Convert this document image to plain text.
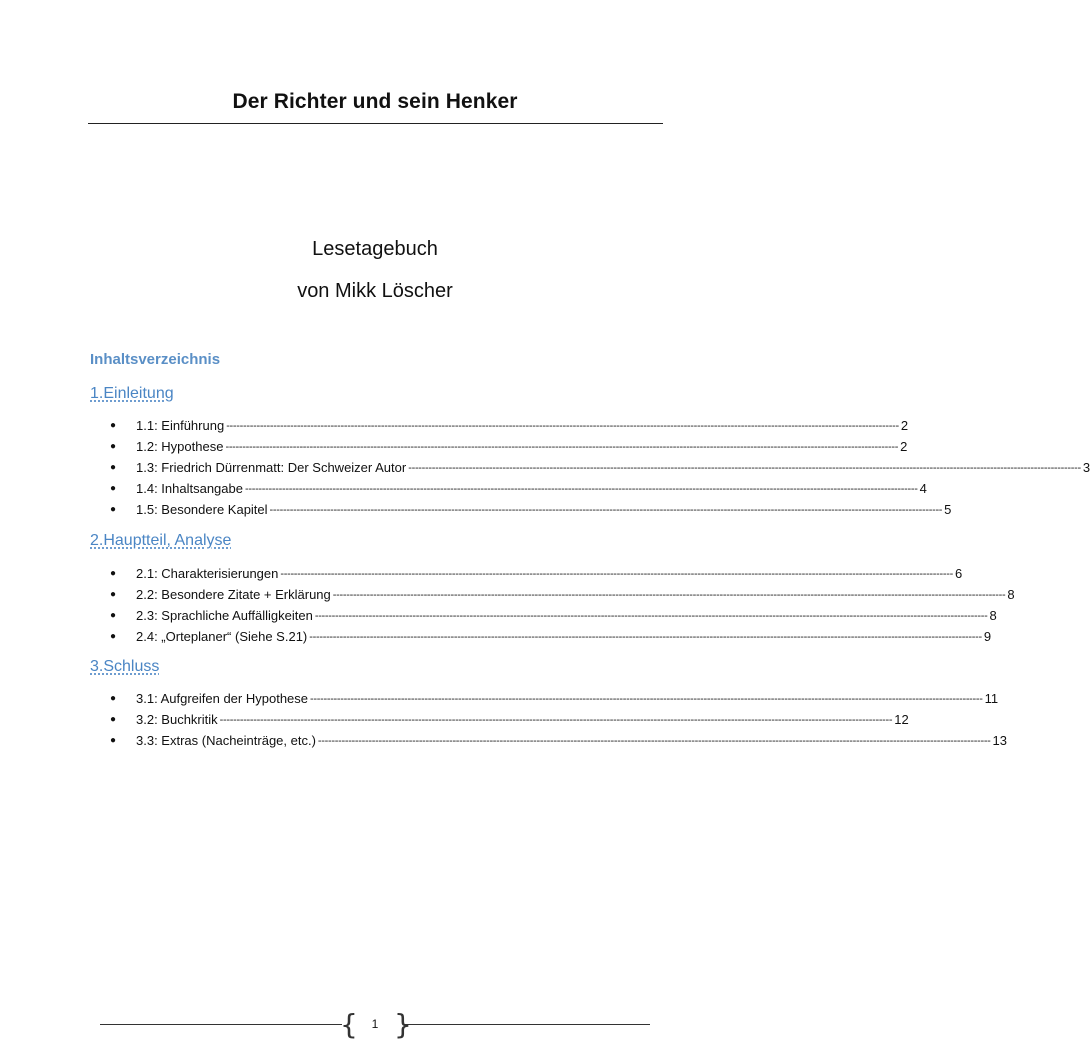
Der Richter und sein Henker
Lesetagebuch
von Mikk Löscher
Inhaltsverzeichnis
1.Einleitung
●	1.1: Einführung -------------------------------------------------------------------------------------------------------------------------------------------------------------------------------------------------------- 2
●	1.2: Hypothese -------------------------------------------------------------------------------------------------------------------------------------------------------------------------------------------------------- 2
●	1.3: Friedrich Dürrenmatt: Der Schweizer Autor -------------------------------------------------------------------------------------------------------------------------------------------------------------------------------------------------------- 3
●	1.4: Inhaltsangabe -------------------------------------------------------------------------------------------------------------------------------------------------------------------------------------------------------- 4
●	1.5: Besondere Kapitel -------------------------------------------------------------------------------------------------------------------------------------------------------------------------------------------------------- 5
2.Hauptteil, Analyse
●	2.1: Charakterisierungen -------------------------------------------------------------------------------------------------------------------------------------------------------------------------------------------------------- 6
●	2.2: Besondere Zitate + Erklärung -------------------------------------------------------------------------------------------------------------------------------------------------------------------------------------------------------- 8
●	2.3: Sprachliche Auffälligkeiten -------------------------------------------------------------------------------------------------------------------------------------------------------------------------------------------------------- 8
●	2.4: „Orteplaner“ (Siehe S.21) -------------------------------------------------------------------------------------------------------------------------------------------------------------------------------------------------------- 9
3.Schluss
●	3.1: Aufgreifen der Hypothese -------------------------------------------------------------------------------------------------------------------------------------------------------------------------------------------------------- 11
●	3.2: Buchkritik -------------------------------------------------------------------------------------------------------------------------------------------------------------------------------------------------------- 12
●	3.3: Extras (Nacheinträge, etc.) -------------------------------------------------------------------------------------------------------------------------------------------------------------------------------------------------------- 13
{	1 }
